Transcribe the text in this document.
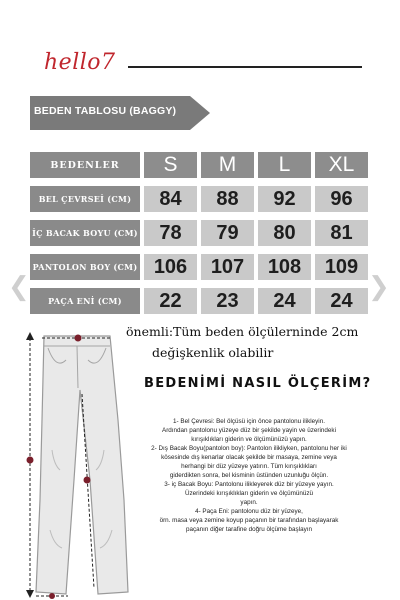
hello7
BEDEN TABLOSU (BAGGY)
BEDENLER	S	M	L	XL
BEL ÇEVRSEİ (CM)	84	88	92	96
İÇ BACAK BOYU (CM)	78	79	80	81
PANTOLON BOY (CM) 106	107	108	109
PAÇA ENİ (CM)	22	23	24	24
❮	❯
önemli:Tüm beden ölçülerninde 2cm
değişkenlik olabilir
BEDENİMİ NASIL ÖLÇERİM?
1- Bel Çevresi: Bel ölçüsü için önce pantolonu ilikleyin.
Ardından pantolonu yüzeye düz bir şekilde yayin ve üzerindeki
kırışıklıkları giderin ve ölçümünüzü yapın.
2- Dış Bacak Boyu(pantolon boy): Pantolon ilikliyken, pantolonu her iki
kösesinde dış kenarlar olacak şekilde bir masaya, zemine veya
herhangi bir düz yüzeye yatırın. Tüm kırışıklıkları
giderdikten sonra, bel kisminin üstünden uzunluğu ölçün.
3- iç Bacak Boyu: Pantolonu ilikleyerek düz bir yüzeye yayın.
Üzerindeki kırışıklıkları giderin ve ölçümünüzü
yapın.
4- Paça Eni: pantolonu düz bir yüzeye,
örn. masa veya zemine koyup paçanın bir tarafından başlayarak
paçanın diğer tarafine doğru ölçüme başlayın
